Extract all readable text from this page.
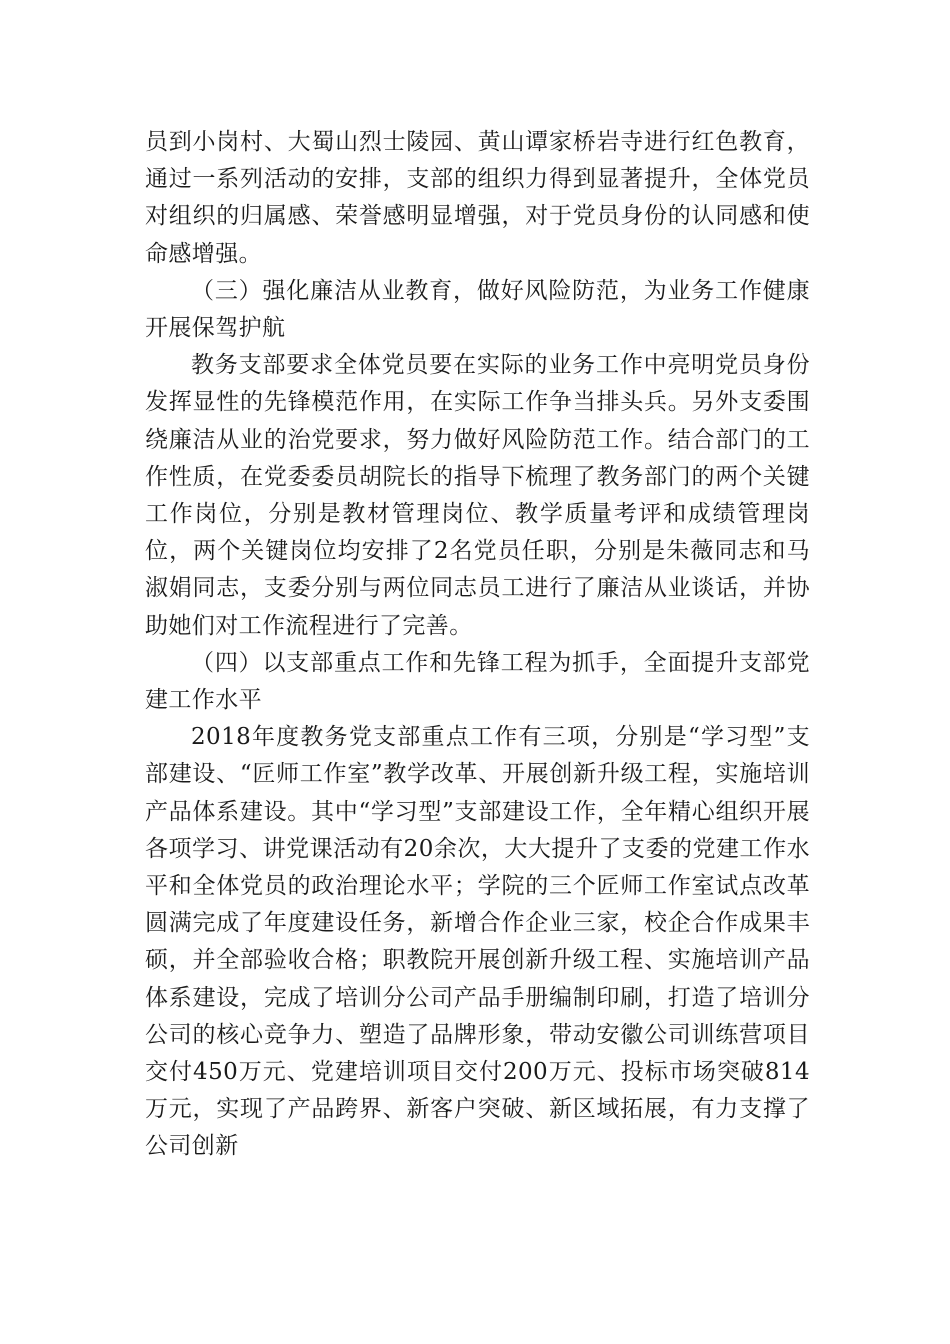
员到小岗村、大蜀山烈士陵园、黄山谭家桥岩寺进行红色教育，通过一系列活动的安排，支部的组织力得到显著提升，全体党员对组织的归属感、荣誉感明显增强，对于党员身份的认同感和使命感增强。

（三）强化廉洁从业教育，做好风险防范，为业务工作健康开展保驾护航

教务支部要求全体党员要在实际的业务工作中亮明党员身份发挥显性的先锋模范作用，在实际工作争当排头兵。另外支委围绕廉洁从业的治党要求，努力做好风险防范工作。结合部门的工作性质，在党委委员胡院长的指导下梳理了教务部门的两个关键工作岗位，分别是教材管理岗位、教学质量考评和成绩管理岗位，两个关键岗位均安排了2名党员任职，分别是朱薇同志和马淑娟同志，支委分别与两位同志员工进行了廉洁从业谈话，并协助她们对工作流程进行了完善。

（四）以支部重点工作和先锋工程为抓手，全面提升支部党建工作水平

2018年度教务党支部重点工作有三项，分别是“学习型”支部建设、“匠师工作室”教学改革、开展创新升级工程，实施培训产品体系建设。其中“学习型”支部建设工作，全年精心组织开展各项学习、讲党课活动有20余次，大大提升了支委的党建工作水平和全体党员的政治理论水平；学院的三个匠师工作室试点改革圆满完成了年度建设任务，新增合作企业三家，校企合作成果丰硕，并全部验收合格；职教院开展创新升级工程、实施培训产品体系建设，完成了培训分公司产品手册编制印刷，打造了培训分公司的核心竞争力、塑造了品牌形象，带动安徽公司训练营项目交付450万元、党建培训项目交付200万元、投标市场突破814万元，实现了产品跨界、新客户突破、新区域拓展，有力支撑了公司创新
